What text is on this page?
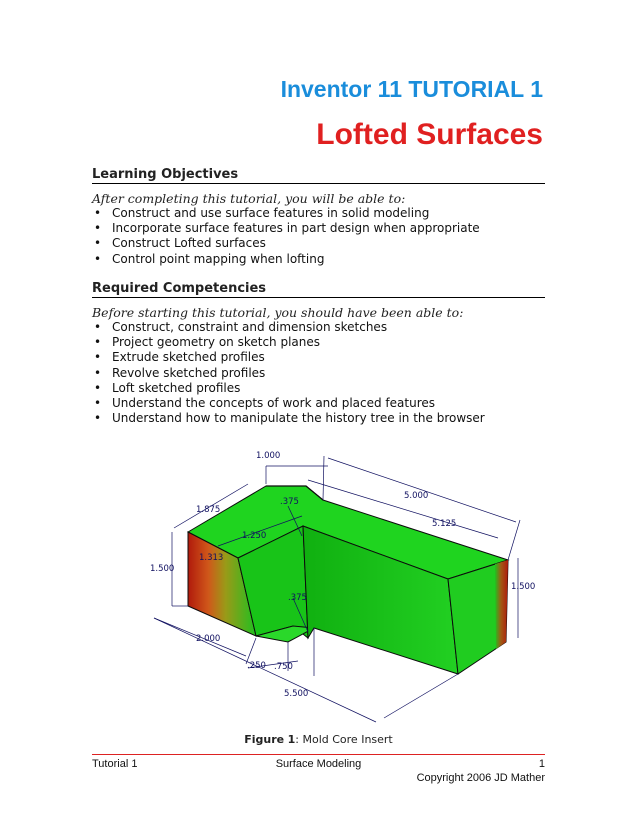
Inventor 11 TUTORIAL 1
Lofted Surfaces
Learning Objectives
After completing this tutorial, you will be able to:
• Construct and use surface features in solid modeling
• Incorporate surface features in part design when appropriate
• Construct Lofted surfaces
• Control point mapping when lofting
Required Competencies
Before starting this tutorial, you should have been able to:
• Construct, constraint and dimension sketches
• Project geometry on sketch planes
• Extrude sketched profiles
• Revolve sketched profiles
• Loft sketched profiles
• Understand the concepts of work and placed features
• Understand how to manipulate the history tree in the browser
1.000
5.000
1.875
.375
5.125
1.250
1.313
1.500
1.500
.375
2.000
.250 .750
5.500
Figure 1: Mold Core Insert
Tutorial 1	Surface Modeling	1
Copyright 2006 JD Mather
